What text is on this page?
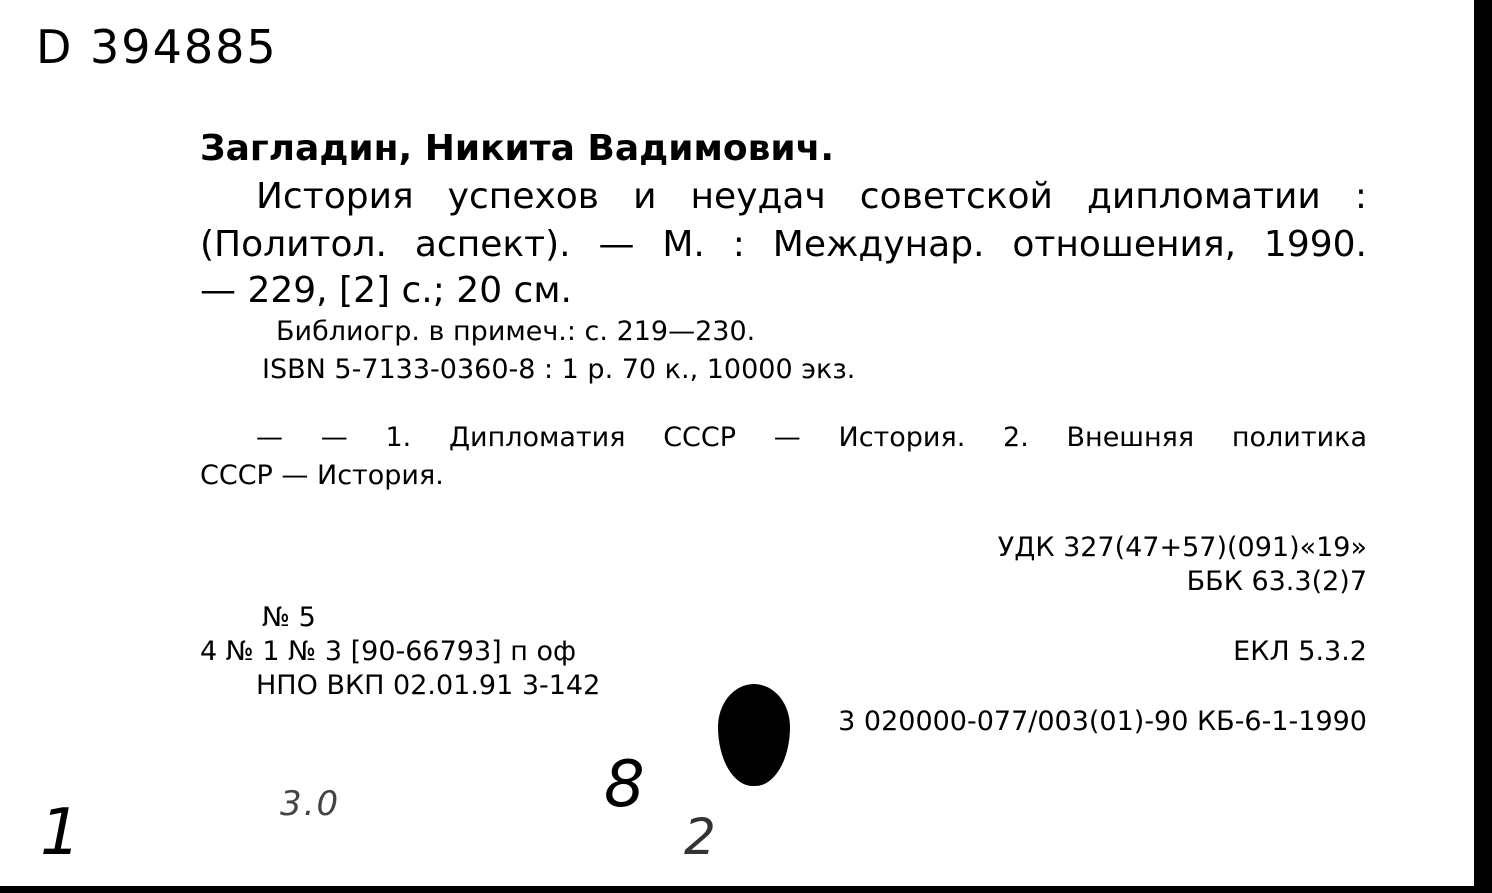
D 394885
Загладин, Никита Вадимович.
История успехов и неудач советской дипломатии :
(Политол. аспект). — М. : Междунар. отношения, 1990.
— 229, [2] с.; 20 см.
Библиогр. в примеч.: с. 219—230.
ISBN 5-7133-0360-8 : 1 р. 70 к., 10000 экз.
— — 1. Дипломатия СССР — История. 2. Внешняя политика
СССР — История.
УДК 327(47+57)(091)«19»
ББК 63.3(2)7
№ 5
4 № 1 № 3 [90-66793] п оф
НПО ВКП 02.01.91 3-142
ЕКЛ 5.3.2
3 020000-077/003(01)-90 КБ-6-1-1990
1	3.0	8
2
